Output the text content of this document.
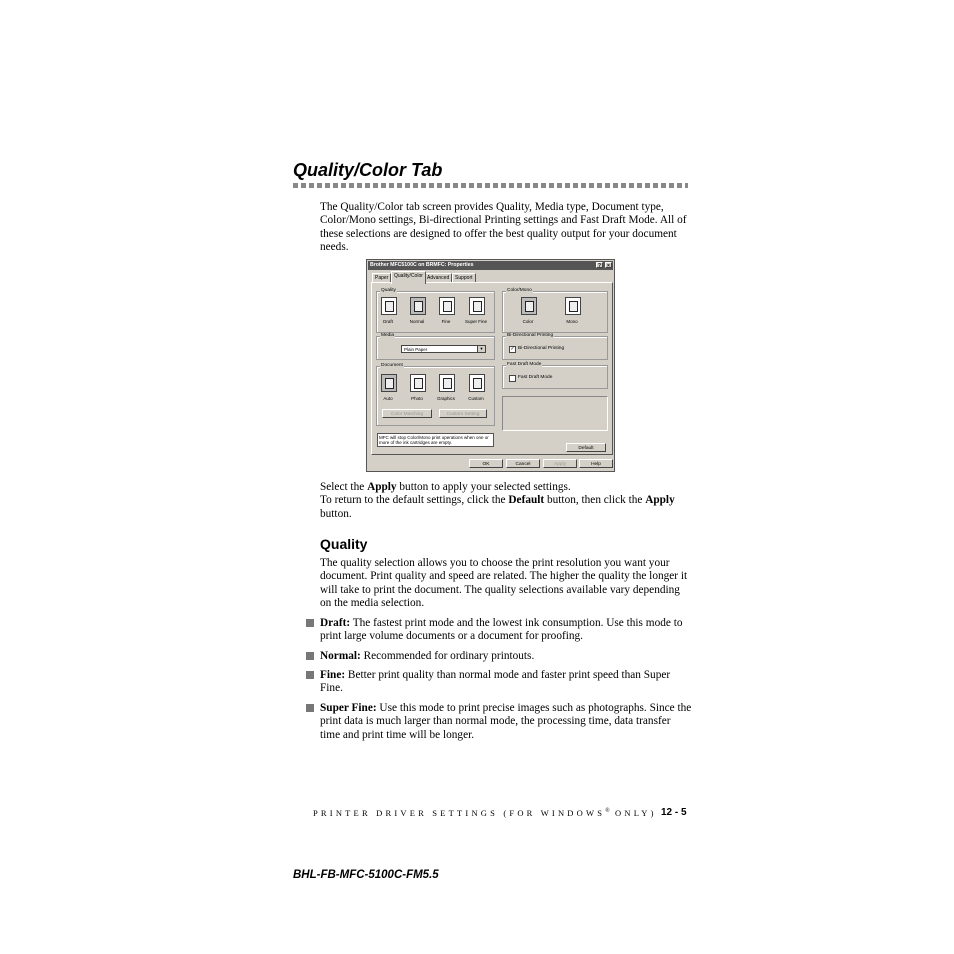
Quality/Color Tab
The Quality/Color tab screen provides Quality, Media type, Document type, Color/Mono settings, Bi-directional Printing settings and Fast Draft Mode. All of these selections are designed to offer the best quality output for your document needs.
Brother MFC5100C on BRMFC: Properties	?	×
Paper	Quality/Color Advanced	Support
Quality
Draft	Normal	Fine	Super Fine
Color/Mono
Color	Mono
Media
Plain Paper	▼
Bi-Directional Printing
✓ Bi-Directional Printing
Fast Draft Mode
Fast Draft Mode
Document
Auto	Photo	Graphics	Custom
Color Matching	Custom Setting
MFC will stop Color/Mono print operations when one or more of the ink cartridges are empty.
Default
OK	Cancel	Apply	Help
Select the Apply button to apply your selected settings.
To return to the default settings, click the Default button, then click the Apply button.
Quality
The quality selection allows you to choose the print resolution you want your document. Print quality and speed are related. The higher the quality the longer it will take to print the document. The quality selections available vary depending on the media selection.
Draft: The fastest print mode and the lowest ink consumption. Use this mode to print large volume documents or a document for proofing.
Normal: Recommended for ordinary printouts.
Fine: Better print quality than normal mode and faster print speed than Super Fine.
Super Fine: Use this mode to print precise images such as photographs. Since the print data is much larger than normal mode, the processing time, data transfer time and print time will be longer.
PRINTER DRIVER SETTINGS (FOR WINDOWS® ONLY) 12 - 5
BHL-FB-MFC-5100C-FM5.5
